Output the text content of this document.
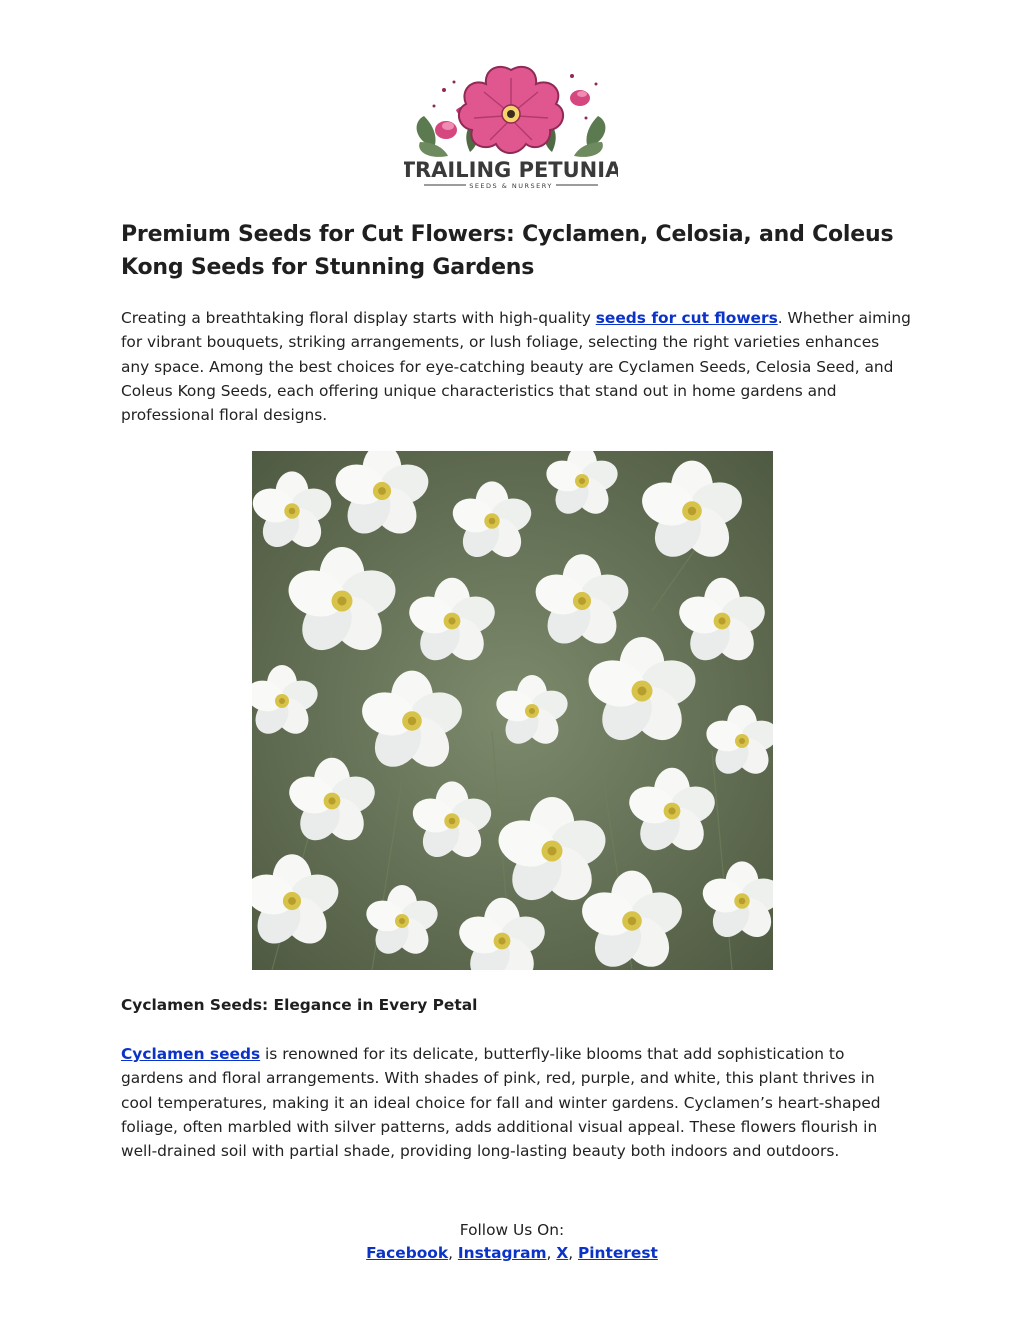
TRAILING PETUNIA
SEEDS & NURSERY
Premium Seeds for Cut Flowers: Cyclamen, Celosia, and Coleus Kong Seeds for Stunning Gardens

Creating a breathtaking floral display starts with high-quality seeds for cut flowers. Whether aiming for vibrant bouquets, striking arrangements, or lush foliage, selecting the right varieties enhances any space. Among the best choices for eye-catching beauty are Cyclamen Seeds, Celosia Seed, and Coleus Kong Seeds, each offering unique characteristics that stand out in home gardens and professional floral designs.

Cyclamen Seeds: Elegance in Every Petal

Cyclamen seeds is renowned for its delicate, butterfly-like blooms that add sophistication to gardens and floral arrangements. With shades of pink, red, purple, and white, this plant thrives in cool temperatures, making it an ideal choice for fall and winter gardens. Cyclamen’s heart-shaped foliage, often marbled with silver patterns, adds additional visual appeal. These flowers flourish in well-drained soil with partial shade, providing long-lasting beauty both indoors and outdoors.

Follow Us On:
Facebook, Instagram, X, Pinterest
